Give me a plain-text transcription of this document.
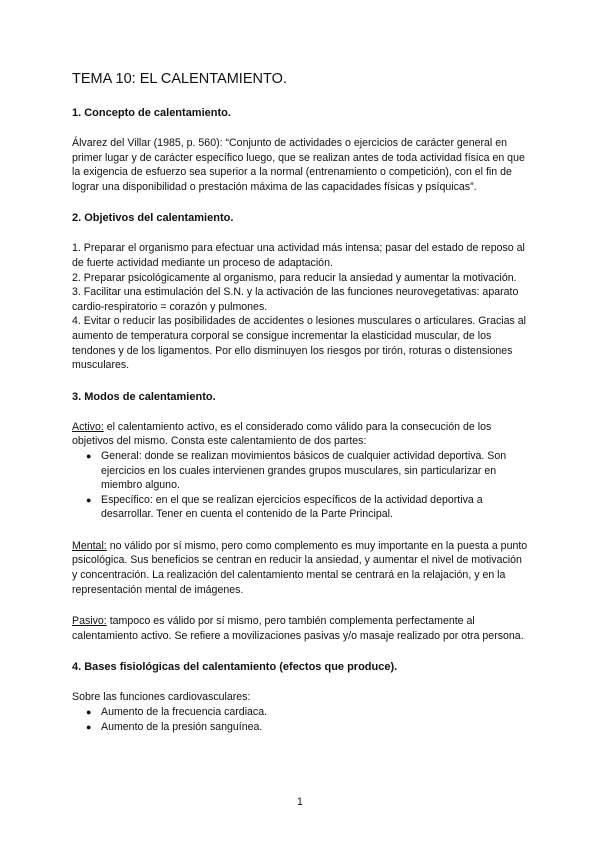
TEMA 10: EL CALENTAMIENTO.
1. Concepto de calentamiento.

Álvarez del Villar (1985, p. 560): “Conjunto de actividades o ejercicios de carácter general en primer lugar y de carácter específico luego, que se realizan antes de toda actividad física en que la exigencia de esfuerzo sea superior a la normal (entrenamiento o competición), con el fin de lograr una disponibilidad o prestación máxima de las capacidades físicas y psíquicas”.

2. Objetivos del calentamiento.

1. Preparar el organismo para efectuar una actividad más intensa; pasar del estado de reposo al de fuerte actividad mediante un proceso de adaptación.

2. Preparar psicológicamente al organismo, para reducir la ansiedad y aumentar la motivación.

3. Facilitar una estimulación del S.N. y la activación de las funciones neurovegetativas: aparato cardio-respiratorio = corazón y pulmones.

4. Evitar o reducir las posibilidades de accidentes o lesiones musculares o articulares. Gracias al aumento de temperatura corporal se consigue incrementar la elasticidad muscular, de los tendones y de los ligamentos. Por ello disminuyen los riesgos por tirón, roturas o distensiones musculares.

3. Modos de calentamiento.

Activo: el calentamiento activo, es el considerado como válido para la consecución de los objetivos del mismo. Consta este calentamiento de dos partes:

● General: donde se realizan movimientos básicos de cualquier actividad deportiva. Son ejercicios en los cuales intervienen grandes grupos musculares, sin particularizar en miembro alguno.
● Específico: en el que se realizan ejercicios específicos de la actividad deportiva a desarrollar. Tener en cuenta el contenido de la Parte Principal.

Mental: no válido por sí mismo, pero como complemento es muy importante en la puesta a punto psicológica. Sus beneficios se centran en reducir la ansiedad, y aumentar el nivel de motivación y concentración. La realización del calentamiento mental se centrará en la relajación, y en la representación mental de imágenes.

Pasivo: tampoco es válido por sí mismo, pero también complementa perfectamente al calentamiento activo. Se refiere a movilizaciones pasivas y/o masaje realizado por otra persona.

4. Bases fisiológicas del calentamiento (efectos que produce).

Sobre las funciones cardiovasculares:

● Aumento de la frecuencia cardiaca.
● Aumento de la presión sanguínea.
1
